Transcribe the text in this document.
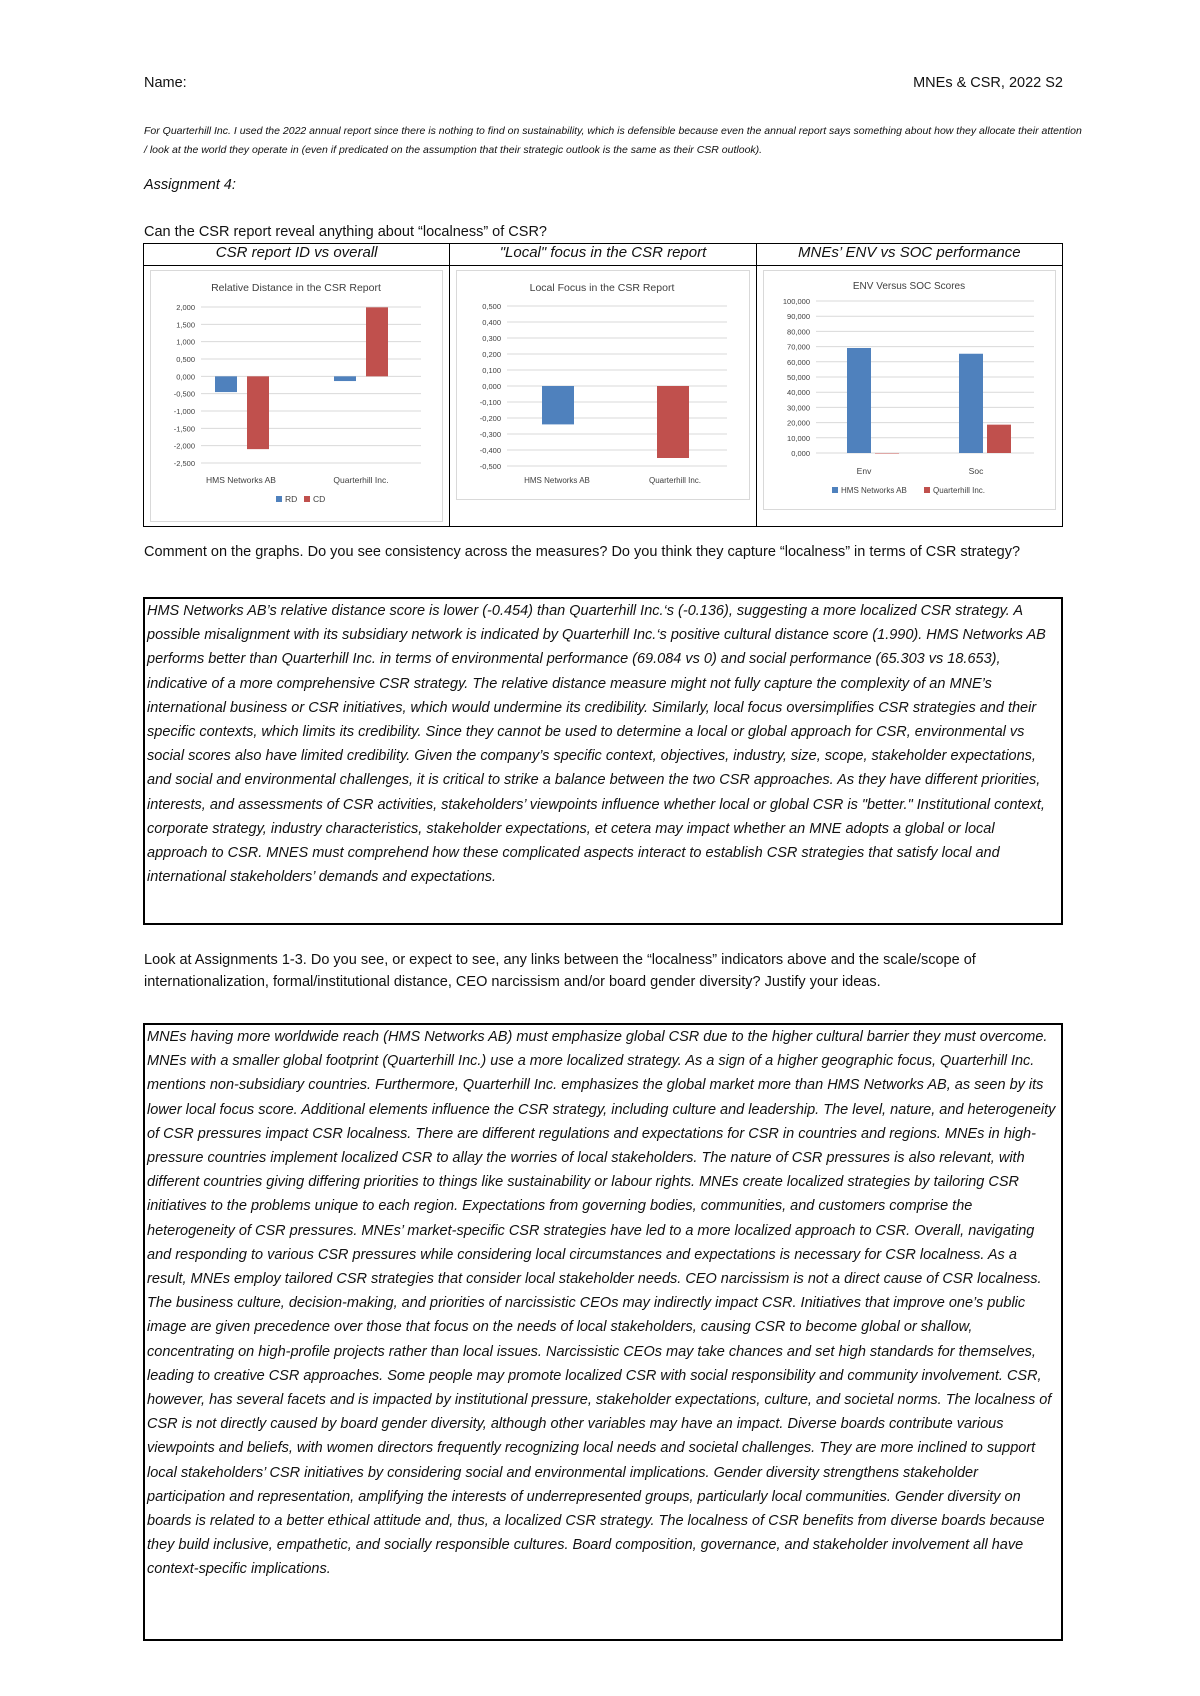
Name:	MNEs & CSR, 2022 S2
For Quarterhill Inc. I used the 2022 annual report since there is nothing to find on sustainability, which is defensible because even the annual report says something about how they allocate their attention / look at the world they operate in (even if predicated on the assumption that their strategic outlook is the same as their CSR outlook).
Assignment 4:
Can the CSR report reveal anything about “localness” of CSR?
CSR report ID vs overall	"Local" focus in the CSR report	MNEs’ ENV vs SOC performance

Relative Distance in the CSR Report
2,000
1,500
1,000
0,500
0,000
-0,500
-1,000
-1,500
-2,000
-2,500
HMS Networks AB	Quarterhill Inc.
RD CD

Local Focus in the CSR Report
0,500
0,400
0,300
0,200
0,100
0,000
-0,100
-0,200
-0,300
-0,400
-0,500
HMS Networks AB	Quarterhill Inc.

ENV Versus SOC Scores
100,000
90,000
80,000
70,000
60,000
50,000
40,000
30,000
20,000
10,000
0,000
Env	Soc
HMS Networks AB	Quarterhill Inc.
Comment on the graphs. Do you see consistency across the measures? Do you think they capture “localness” in terms of CSR strategy?
HMS Networks AB’s relative distance score is lower (-0.454) than Quarterhill Inc.‘s (-0.136), suggesting a more localized CSR strategy. A possible misalignment with its subsidiary network is indicated by Quarterhill Inc.‘s positive cultural distance score (1.990). HMS Networks AB performs better than Quarterhill Inc. in terms of environmental performance (69.084 vs 0) and social performance (65.303 vs 18.653), indicative of a more comprehensive CSR strategy. The relative distance measure might not fully capture the complexity of an MNE’s international business or CSR initiatives, which would undermine its credibility. Similarly, local focus oversimplifies CSR strategies and their specific contexts, which limits its credibility. Since they cannot be used to determine a local or global approach for CSR, environmental vs social scores also have limited credibility. Given the company’s specific context, objectives, industry, size, scope, stakeholder expectations, and social and environmental challenges, it is critical to strike a balance between the two CSR approaches. As they have different priorities, interests, and assessments of CSR activities, stakeholders’ viewpoints influence whether local or global CSR is "better." Institutional context, corporate strategy, industry characteristics, stakeholder expectations, et cetera may impact whether an MNE adopts a global or local approach to CSR. MNES must comprehend how these complicated aspects interact to establish CSR strategies that satisfy local and international stakeholders’ demands and expectations.
Look at Assignments 1-3. Do you see, or expect to see, any links between the “localness” indicators above and the scale/scope of internationalization, formal/institutional distance, CEO narcissism and/or board gender diversity? Justify your ideas.
MNEs having more worldwide reach (HMS Networks AB) must emphasize global CSR due to the higher cultural barrier they must overcome. MNEs with a smaller global footprint (Quarterhill Inc.) use a more localized strategy. As a sign of a higher geographic focus, Quarterhill Inc. mentions non-subsidiary countries. Furthermore, Quarterhill Inc. emphasizes the global market more than HMS Networks AB, as seen by its lower local focus score. Additional elements influence the CSR strategy, including culture and leadership. The level, nature, and heterogeneity of CSR pressures impact CSR localness. There are different regulations and expectations for CSR in countries and regions. MNEs in high-pressure countries implement localized CSR to allay the worries of local stakeholders. The nature of CSR pressures is also relevant, with different countries giving differing priorities to things like sustainability or labour rights. MNEs create localized strategies by tailoring CSR initiatives to the problems unique to each region. Expectations from governing bodies, communities, and customers comprise the heterogeneity of CSR pressures. MNEs’ market-specific CSR strategies have led to a more localized approach to CSR. Overall, navigating and responding to various CSR pressures while considering local circumstances and expectations is necessary for CSR localness. As a result, MNEs employ tailored CSR strategies that consider local stakeholder needs. CEO narcissism is not a direct cause of CSR localness. The business culture, decision-making, and priorities of narcissistic CEOs may indirectly impact CSR. Initiatives that improve one’s public image are given precedence over those that focus on the needs of local stakeholders, causing CSR to become global or shallow, concentrating on high-profile projects rather than local issues. Narcissistic CEOs may take chances and set high standards for themselves, leading to creative CSR approaches. Some people may promote localized CSR with social responsibility and community involvement. CSR, however, has several facets and is impacted by institutional pressure, stakeholder expectations, culture, and societal norms. The localness of CSR is not directly caused by board gender diversity, although other variables may have an impact. Diverse boards contribute various viewpoints and beliefs, with women directors frequently recognizing local needs and societal challenges. They are more inclined to support local stakeholders’ CSR initiatives by considering social and environmental implications. Gender diversity strengthens stakeholder participation and representation, amplifying the interests of underrepresented groups, particularly local communities. Gender diversity on boards is related to a better ethical attitude and, thus, a localized CSR strategy. The localness of CSR benefits from diverse boards because they build inclusive, empathetic, and socially responsible cultures. Board composition, governance, and stakeholder involvement all have context-specific implications.
